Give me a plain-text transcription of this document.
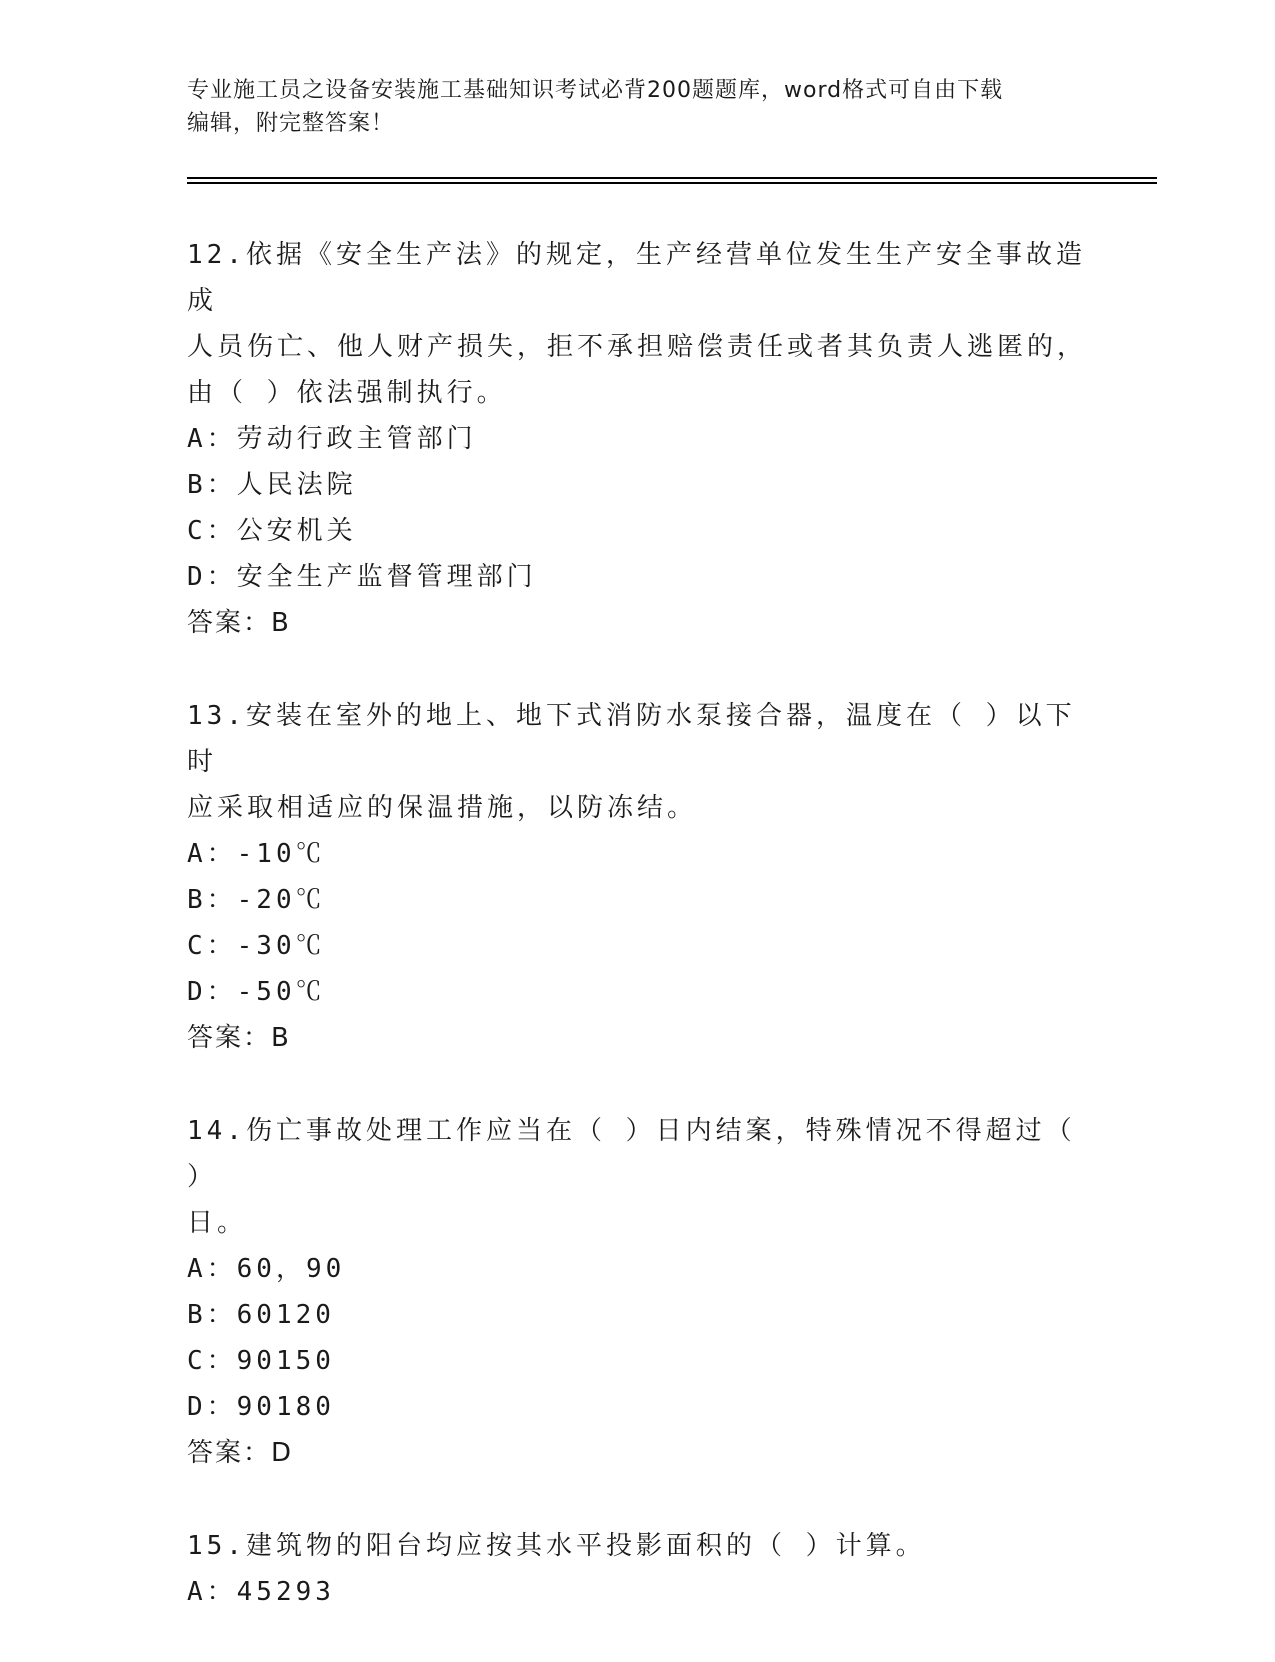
专业施工员之设备安装施工基础知识考试必背200题题库，word格式可自由下载
编辑，附完整答案！
12.依据《安全生产法》的规定，生产经营单位发生生产安全事故造成
人员伤亡、他人财产损失，拒不承担赔偿责任或者其负责人逃匿的，
由（ ）依法强制执行。
A：劳动行政主管部门
B：人民法院
C：公安机关
D：安全生产监督管理部门
答案：B
13.安装在室外的地上、地下式消防水泵接合器，温度在（ ）以下时
应采取相适应的保温措施，以防冻结。
A：-10℃
B：-20℃
C：-30℃
D：-50℃
答案：B
14.伤亡事故处理工作应当在（ ）日内结案，特殊情况不得超过（ ）
日。
A：60，90
B：60120
C：90150
D：90180
答案：D
15.建筑物的阳台均应按其水平投影面积的（ ）计算。
A：45293
